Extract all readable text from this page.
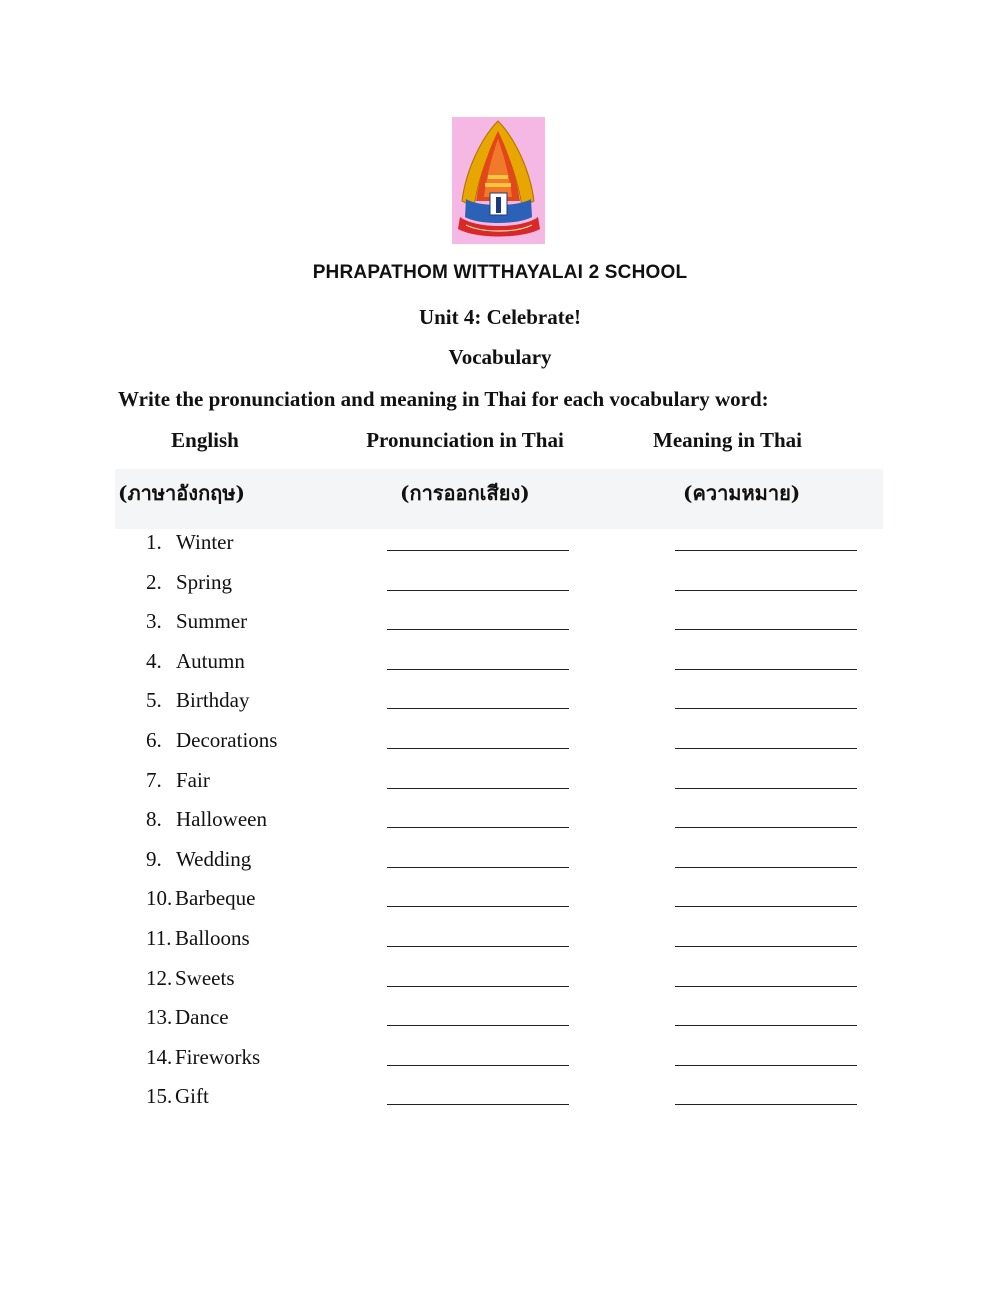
PHRAPATHOM WITTHAYALAI 2 SCHOOL
Unit 4: Celebrate!
Vocabulary
Write the pronunciation and meaning in Thai for each vocabulary word:
English	Pronunciation in Thai	Meaning in Thai
(ภาษาอังกฤษ)	(การออกเสียง)	(ความหมาย)
1. Winter
2. Spring
3. Summer
4. Autumn
5. Birthday
6. Decorations
7. Fair
8. Halloween
9. Wedding
10. Barbeque
11. Balloons
12. Sweets
13. Dance
14. Fireworks
15. Gift
